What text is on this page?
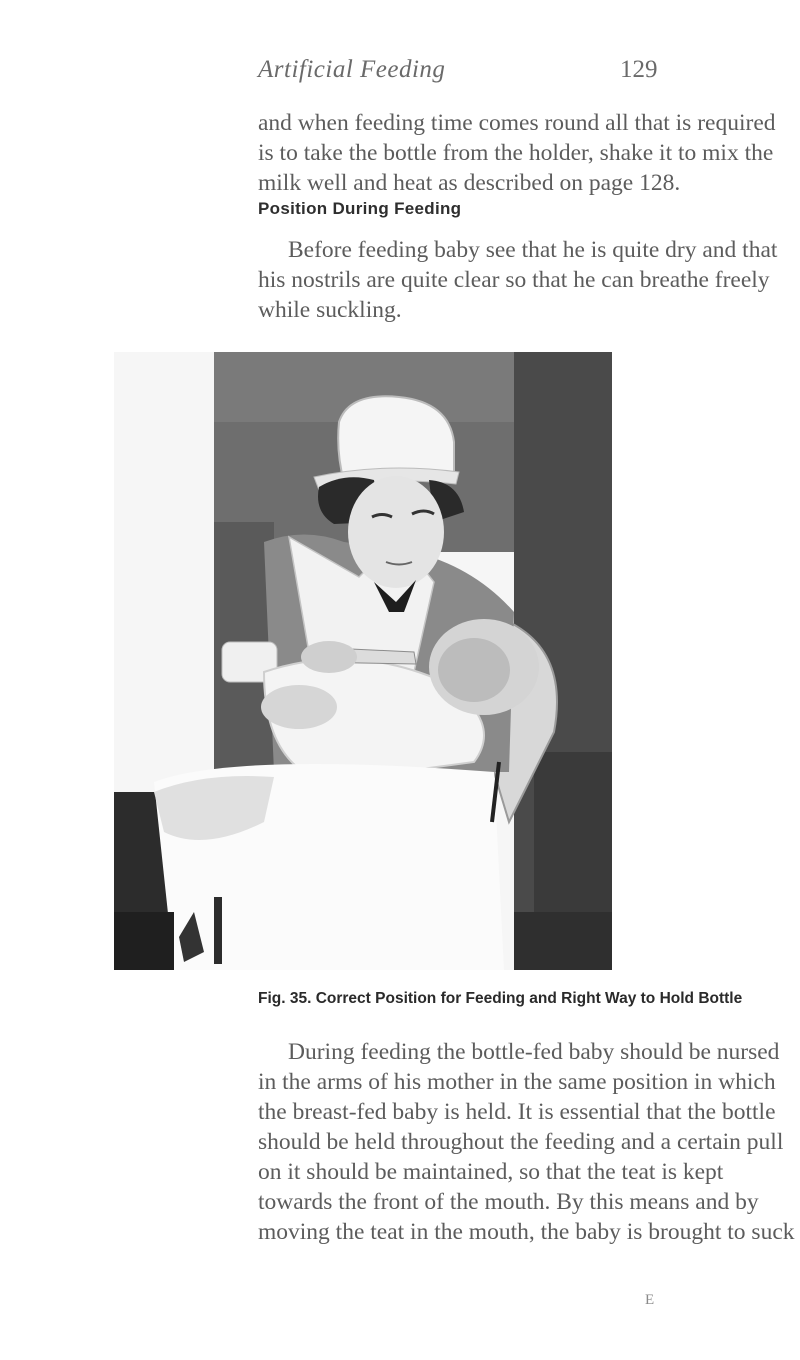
Artificial Feeding	129
and when feeding time comes round all that is required
is to take the bottle from the holder, shake it to mix the
milk well and heat as described on page 128.
Position During Feeding
Before feeding baby see that he is quite dry and that
his nostrils are quite clear so that he can breathe freely
while suckling.
Fig. 35. Correct Position for Feeding and Right Way to Hold Bottle
During feeding the bottle-fed baby should be nursed
in the arms of his mother in the same position in which
the breast-fed baby is held. It is essential that the bottle
should be held throughout the feeding and a certain pull
on it should be maintained, so that the teat is kept
towards the front of the mouth. By this means and by
moving the teat in the mouth, the baby is brought to suck
E
